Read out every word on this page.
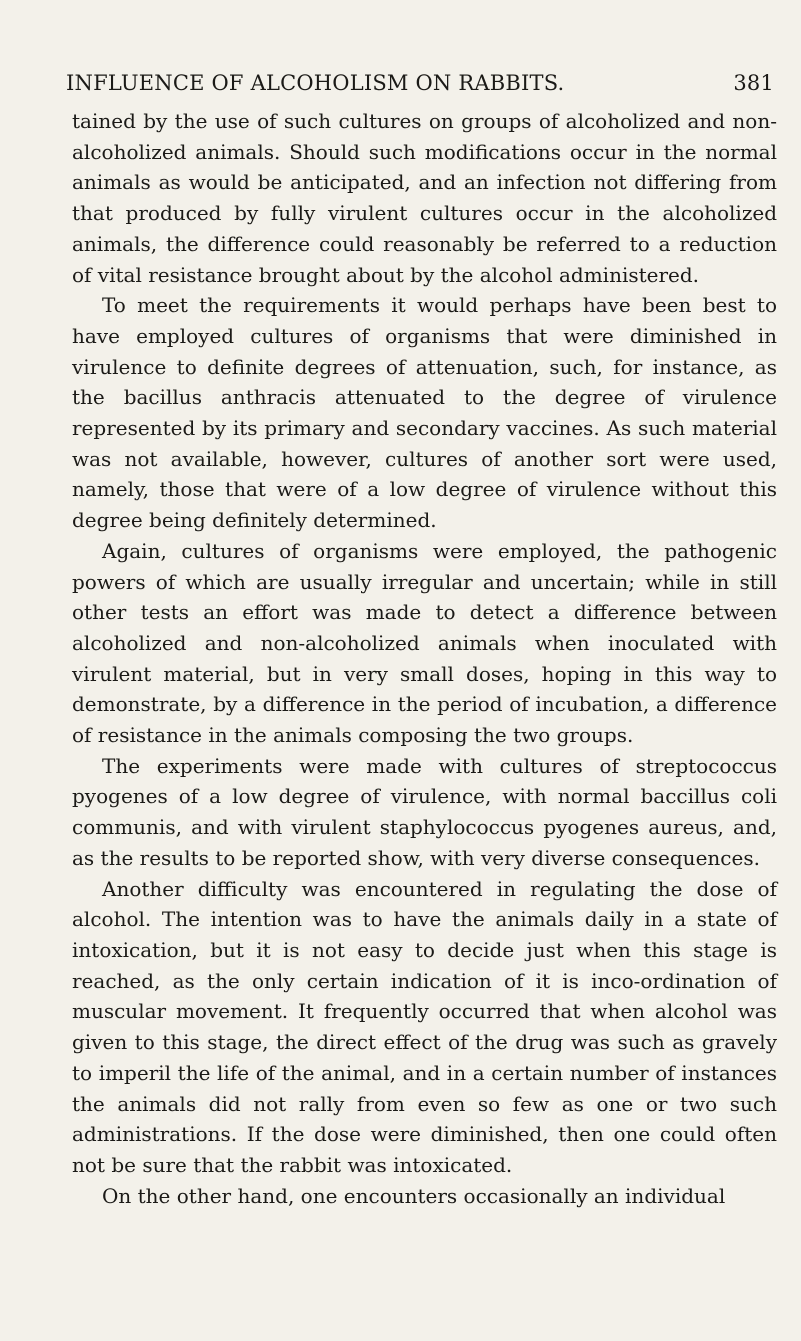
INFLUENCE OF ALCOHOLISM ON RABBITS.	381

tained by the use of such cultures on groups of alcoholized and non-alcoholized animals. Should such modifications occur in the normal animals as would be anticipated, and an infection not differing from that produced by fully virulent cultures occur in the alcoholized animals, the difference could reasonably be referred to a reduction of vital resistance brought about by the alcohol administered.

To meet the requirements it would perhaps have been best to have employed cultures of organisms that were diminished in virulence to definite degrees of attenuation, such, for instance, as the bacillus anthracis attenuated to the degree of virulence represented by its primary and secondary vaccines. As such material was not available, however, cultures of another sort were used, namely, those that were of a low degree of virulence without this degree being definitely determined.

Again, cultures of organisms were employed, the pathogenic powers of which are usually irregular and uncertain; while in still other tests an effort was made to detect a difference between alcoholized and non-alcoholized animals when inoculated with virulent material, but in very small doses, hoping in this way to demonstrate, by a difference in the period of incubation, a difference of resistance in the animals composing the two groups.

The experiments were made with cultures of streptococcus pyogenes of a low degree of virulence, with normal baccillus coli communis, and with virulent staphylococcus pyogenes aureus, and, as the results to be reported show, with very diverse consequences.

Another difficulty was encountered in regulating the dose of alcohol. The intention was to have the animals daily in a state of intoxication, but it is not easy to decide just when this stage is reached, as the only certain indication of it is inco-ordination of muscular movement. It frequently occurred that when alcohol was given to this stage, the direct effect of the drug was such as gravely to imperil the life of the animal, and in a certain number of instances the animals did not rally from even so few as one or two such administrations. If the dose were diminished, then one could often not be sure that the rabbit was intoxicated.

On the other hand, one encounters occasionally an individual
